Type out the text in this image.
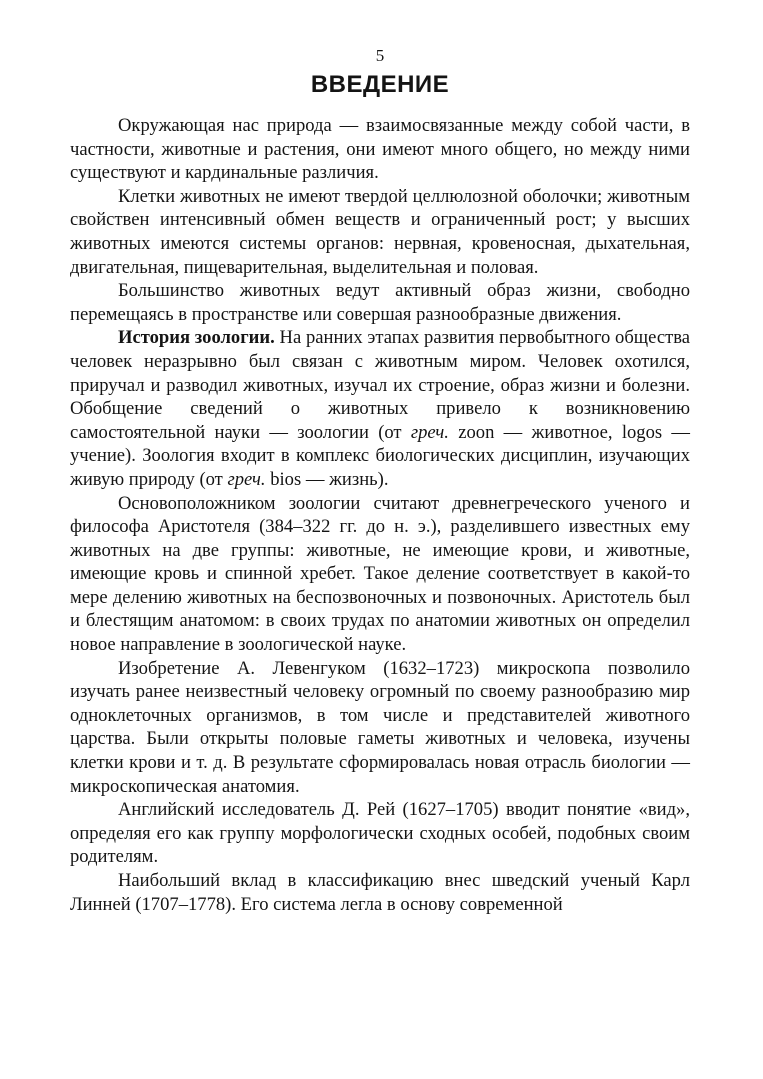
5
ВВЕДЕНИЕ

Окружающая нас природа — взаимосвязанные между собой части, в частности, животные и растения, они имеют много общего, но между ними существуют и кардинальные различия.

Клетки животных не имеют твердой целлюлозной оболочки; животным свойствен интенсивный обмен веществ и ограниченный рост; у высших животных имеются системы органов: нервная, кровеносная, дыхательная, двигательная, пищеварительная, выделительная и половая.

Большинство животных ведут активный образ жизни, свободно перемещаясь в пространстве или совершая разнообразные движения.

История зоологии. На ранних этапах развития первобытного общества человек неразрывно был связан с животным миром. Человек охотился, приручал и разводил животных, изучал их строение, образ жизни и болезни. Обобщение сведений о животных привело к возникновению самостоятельной науки — зоологии (от греч. zoon — животное, logos — учение). Зоология входит в комплекс биологических дисциплин, изучающих живую природу (от греч. bios — жизнь).

Основоположником зоологии считают древнегреческого ученого и философа Аристотеля (384–322 гг. до н. э.), разделившего известных ему животных на две группы: животные, не имеющие крови, и животные, имеющие кровь и спинной хребет. Такое деление соответствует в какой-то мере делению животных на беспозвоночных и позвоночных. Аристотель был и блестящим анатомом: в своих трудах по анатомии животных он определил новое направление в зоологической науке.

Изобретение А. Левенгуком (1632–1723) микроскопа позволило изучать ранее неизвестный человеку огромный по своему разнообразию мир одноклеточных организмов, в том числе и представителей животного царства. Были открыты половые гаметы животных и человека, изучены клетки крови и т. д. В результате сформировалась новая отрасль биологии — микроскопическая анатомия.

Английский исследователь Д. Рей (1627–1705) вводит понятие «вид», определяя его как группу морфологически сходных особей, подобных своим родителям.

Наибольший вклад в классификацию внес шведский ученый Карл Линней (1707–1778). Его система легла в основу современной
